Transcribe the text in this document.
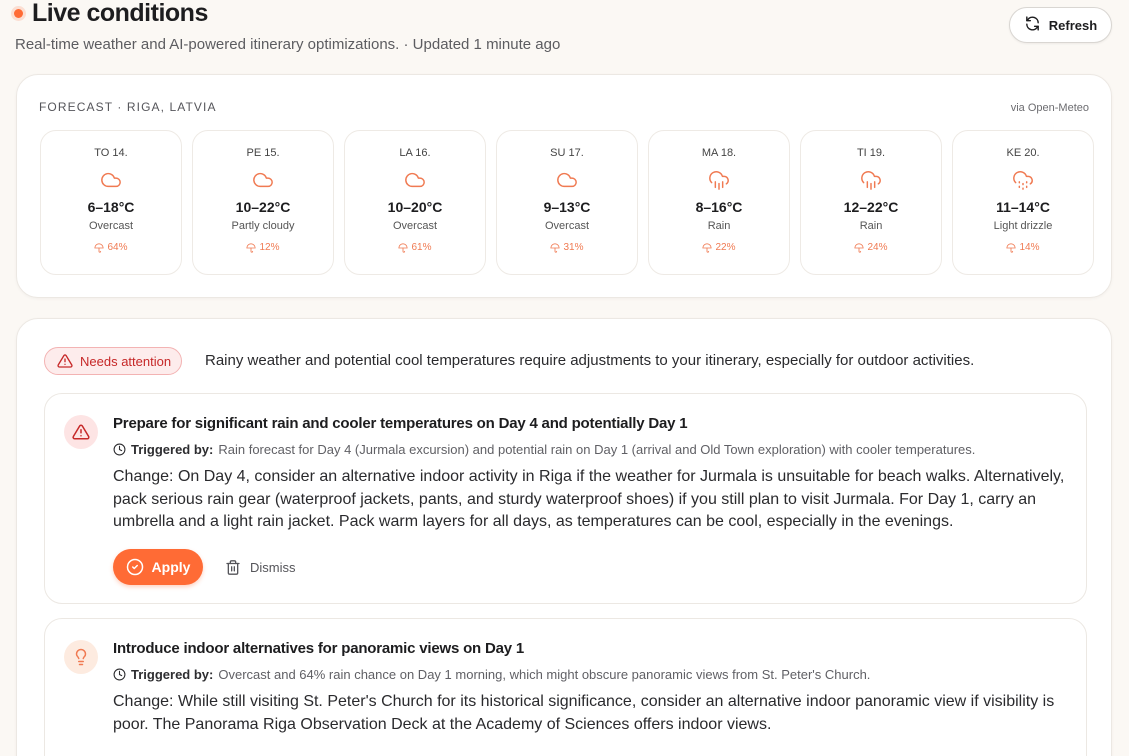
Live conditions
Real-time weather and AI-powered itinerary optimizations. · Updated 1 minute ago
Refresh
FORECAST · RIGA, LATVIA	via Open-Meteo
TO 14.
6–18°C
Overcast
64%
PE 15.
10–22°C
Partly cloudy
12%
LA 16.
10–20°C
Overcast
61%
SU 17.
9–13°C
Overcast
31%
MA 18.
8–16°C
Rain
22%
TI 19.
12–22°C
Rain
24%
KE 20.
11–14°C
Light drizzle
14%
Needs attention Rainy weather and potential cool temperatures require adjustments to your itinerary, especially for outdoor activities.
Prepare for significant rain and cooler temperatures on Day 4 and potentially Day 1
Triggered by: Rain forecast for Day 4 (Jurmala excursion) and potential rain on Day 1 (arrival and Old Town exploration) with cooler temperatures.
Change: On Day 4, consider an alternative indoor activity in Riga if the weather for Jurmala is unsuitable for beach walks. Alternatively, pack serious rain gear (waterproof jackets, pants, and sturdy waterproof shoes) if you still plan to visit Jurmala. For Day 1, carry an umbrella and a light rain jacket. Pack warm layers for all days, as temperatures can be cool, especially in the evenings.
Apply	Dismiss
Introduce indoor alternatives for panoramic views on Day 1
Triggered by: Overcast and 64% rain chance on Day 1 morning, which might obscure panoramic views from St. Peter's Church.
Change: While still visiting St. Peter's Church for its historical significance, consider an alternative indoor panoramic view if visibility is poor. The Panorama Riga Observation Deck at the Academy of Sciences offers indoor views.
